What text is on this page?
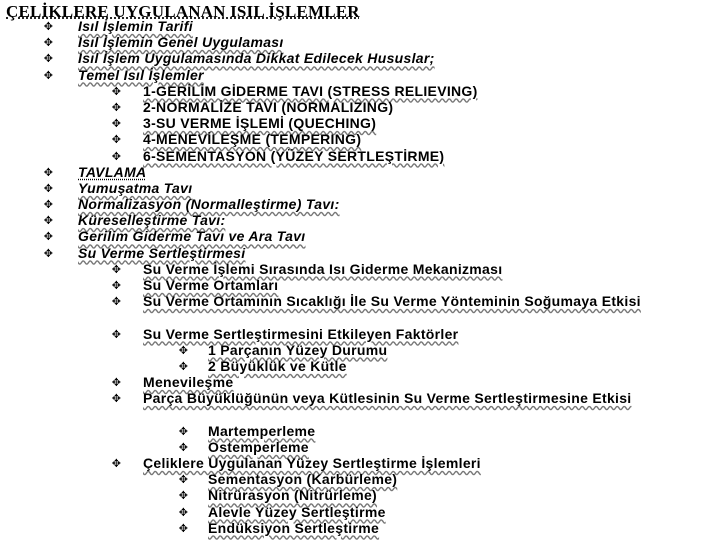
ÇELİKLERE UYGULANAN ISIL İŞLEMLER
✥ Isıl İşlemin Tarifi
✥ Isıl İşlemin Genel Uygulaması
✥ Isıl İşlem Uygulamasında Dikkat Edilecek Hususlar;
✥ Temel Isıl İşlemler
✥ 1-GERİLİM GİDERME TAVI (STRESS RELIEVING)
✥ 2-NORMALİZE TAVI (NORMALIZING)
✥ 3-SU VERME İŞLEMİ (QUECHING)
✥ 4-MENEVİLEŞME (TEMPERING)
✥ 6-SEMENTASYON (YÜZEY SERTLEŞTİRME)
✥ TAVLAMA
✥ Yumuşatma Tavı
✥ Normalizasyon (Normalleştirme) Tavı:
✥ Küreselleştirme Tavı:
✥ Gerilim Giderme Tavı ve Ara Tavı
✥ Su Verme Sertleştirmesi
✥ Su Verme İşlemi Sırasında Isı Giderme Mekanizması
✥ Su Verme Ortamları
✥ Su Verme Ortamının Sıcaklığı İle Su Verme Yönteminin Soğumaya Etkisi
✥ Su Verme Sertleştirmesini Etkileyen Faktörler
✥ 1 Parçanın Yüzey Durumu
✥ 2 Büyüklük ve Kütle
✥ Menevileşme
✥ Parça Büyüklüğünün veya Kütlesinin Su Verme Sertleştirmesine Etkisi
✥ Martemperleme
✥ Ostemperleme
✥ Çeliklere Uygulanan Yüzey Sertleştirme İşlemleri
✥ Sementasyon (Karbürleme)
✥ Nitrürasyon (Nitrürleme)
✥ Alevle Yüzey Sertleştirme
✥ Endüksiyon Sertleştirme
